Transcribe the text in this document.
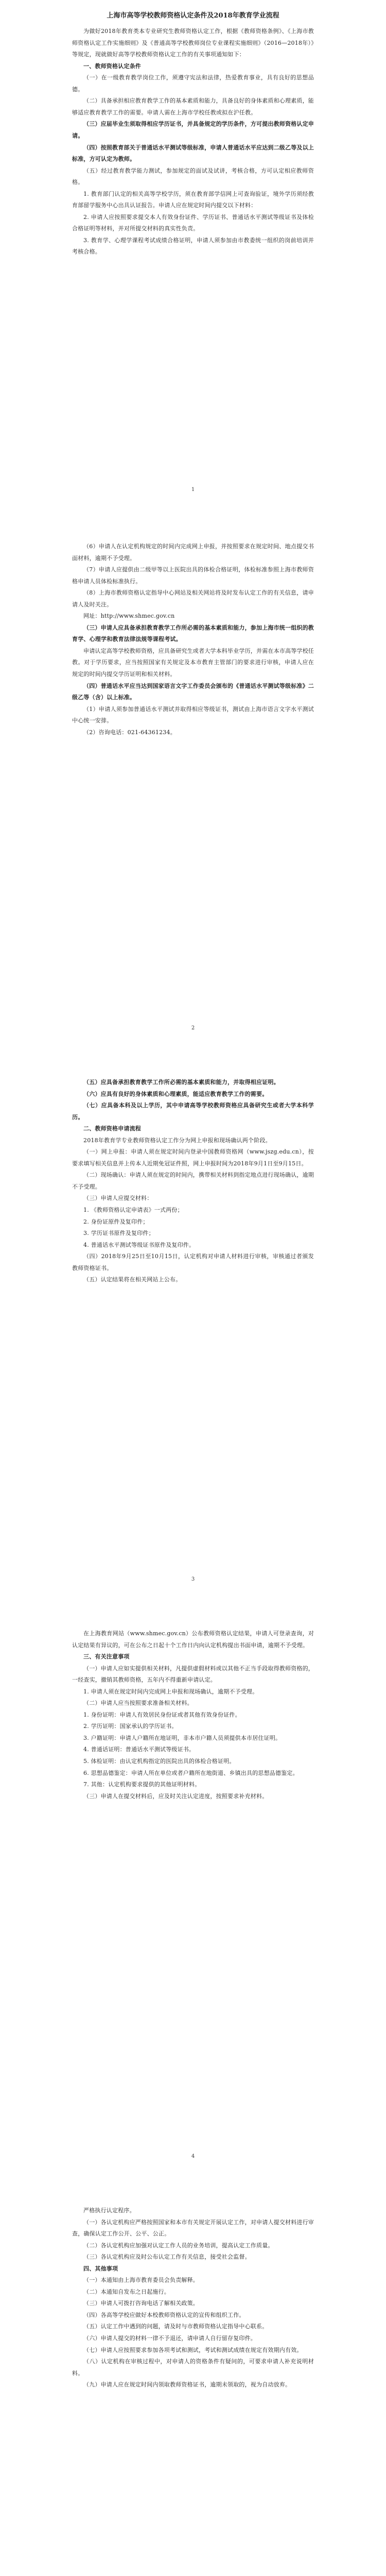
上海市高等学校教师资格认定条件及2018年教育学业流程

为做好2018年教育类本专业研究生教师资格认定工作，根据《教师资格条例》、《上海市教师资格认定工作实施细则》及《普通高等学校教师岗位专业课程实施细则》（2016—2018年）》等规定，现就做好高等学校教师资格认定工作的有关事项通知如下：

一、教师资格认定条件

（一）在一级教育教学岗位工作，须遵守宪法和法律，热爱教育事业，具有良好的思想品德。

（二）具备承担相应教育教学工作的基本素质和能力，具备良好的身体素质和心理素质，能够适应教育教学工作的需要。申请人需在上海市学校任教或拟在沪任教。

（三）应届毕业生须取得相应学历证书，并具备规定的学历条件，方可提出教师资格认定申请。

（四）按照教育部关于普通话水平测试等级标准，申请人普通话水平应达到二级乙等及以上标准，方可认定为教师。

（五）经过教育教学能力测试，参加规定的面试及试讲，考核合格，方可认定相应教师资格。

1. 教育部门认定的相关高等学校学历，须在教育部学信网上可查询验证，境外学历须经教育部留学服务中心出具认证报告。申请人应在规定时间内提交以下材料：

2. 申请人应按照要求提交本人有效身份证件、学历证书、普通话水平测试等级证书及体检合格证明等材料，并对所提交材料的真实性负责。

3. 教育学、心理学课程考试成绩合格证明，申请人须参加由市教委统一组织的岗前培训并考核合格。

1

（6）申请人在认定机构规定的时间内完成网上申报，并按照要求在规定时间、地点提交书面材料，逾期不予受理。

（7）申请人应提供由二级甲等以上医院出具的体检合格证明，体检标准参照上海市教师资格申请人员体检标准执行。

（8）上海市教师资格认定指导中心网站及相关网站将及时发布认定工作的有关信息，请申请人及时关注。

网址：http://www.shmec.gov.cn

（三）申请人应具备承担教育教学工作所必需的基本素质和能力，参加上海市统一组织的教育学、心理学和教育法律法规等课程考试。

申请认定高等学校教师资格，应具备研究生或者大学本科毕业学历，并需在本市高等学校任教。对于学历要求，应当按照国家有关规定及本市教育主管部门的要求进行审核，申请人应在规定的时间内提交学历证明和相关材料。

（四）普通话水平应当达到国家语言文字工作委员会颁布的《普通话水平测试等级标准》二级乙等（含）以上标准。

（1）申请人须参加普通话水平测试并取得相应等级证书，测试由上海市语言文字水平测试中心统一安排。

（2）咨询电话：021-64361234。

2

（五）应具备承担教育教学工作所必需的基本素质和能力，并取得相应证明。

（六）应具有良好的身体素质和心理素质，能适应教育教学工作的需要。

（七）应具备本科及以上学历，其中申请高等学校教师资格应具备研究生或者大学本科学历。

二、教师资格申请流程

2018年教育学专业教师资格认定工作分为网上申报和现场确认两个阶段。

（一）网上申报：申请人须在规定时间内登录中国教师资格网（www.jszg.edu.cn），按要求填写相关信息并上传本人近期免冠证件照，网上申报时间为2018年9月1日至9月15日。

（二）现场确认：申请人须在规定的时间内，携带相关材料到指定地点进行现场确认，逾期不予受理。

（三）申请人应提交材料：

1. 《教师资格认定申请表》一式两份；

2. 身份证原件及复印件；

3. 学历证书原件及复印件；

4. 普通话水平测试等级证书原件及复印件。

（四）2018年9月25日至10月15日，认定机构对申请人材料进行审核，审核通过者颁发教师资格证书。

（五）认定结果将在相关网站上公布。

3

在上海教育网站（www.shmec.gov.cn）公布教师资格认定结果，申请人可登录查询，对认定结果有异议的，可在公布之日起十个工作日内向认定机构提出书面申请，逾期不予受理。

三、有关注意事项

（一）申请人应如实提供相关材料，凡提供虚假材料或以其他不正当手段取得教师资格的，一经查实，撤销其教师资格，五年内不得重新申请认定。

1. 申请人须在规定时间内完成网上申报和现场确认，逾期不予受理。

（二）申请人应当按照要求准备相关材料。

1. 身份证明：申请人有效居民身份证或者其他有效身份证件。

2. 学历证明：国家承认的学历证书。

3. 户籍证明：申请人户籍所在地证明，非本市户籍人员须提供本市居住证明。

4. 普通话证明：普通话水平测试等级证书。

5. 体检证明：由认定机构指定的医院出具的体检合格证明。

6. 思想品德鉴定：申请人所在单位或者户籍所在地街道、乡镇出具的思想品德鉴定。

7. 其他：认定机构要求提供的其他证明材料。

（三）申请人在提交材料后，应及时关注认定进度，按照要求补充材料。

4

严格执行认定程序。

（一）各认定机构应严格按照国家和本市有关规定开展认定工作，对申请人提交材料进行审查，确保认定工作公开、公平、公正。

（二）各认定机构应加强对认定工作人员的业务培训，提高认定工作质量。

（三）各认定机构应及时公布认定工作有关信息，接受社会监督。

四、其他事项

（一）本通知由上海市教育委员会负责解释。

（二）本通知自发布之日起施行。

（三）申请人可拨打咨询电话了解相关政策。

（四）各高等学校应做好本校教师资格认定的宣传和组织工作。

（五）认定工作中遇到的问题，请及时与市教师资格认定指导中心联系。

（六）申请人提交的材料一律不予退还，请申请人自行留存复印件。

（七）申请人应按照要求参加各项考试和测试，考试和测试成绩在规定有效期内有效。

（八）认定机构在审核过程中，对申请人的资格条件有疑问的，可要求申请人补充说明材料。

（九）申请人应在规定时间内领取教师资格证书，逾期未领取的，视为自动放弃。
